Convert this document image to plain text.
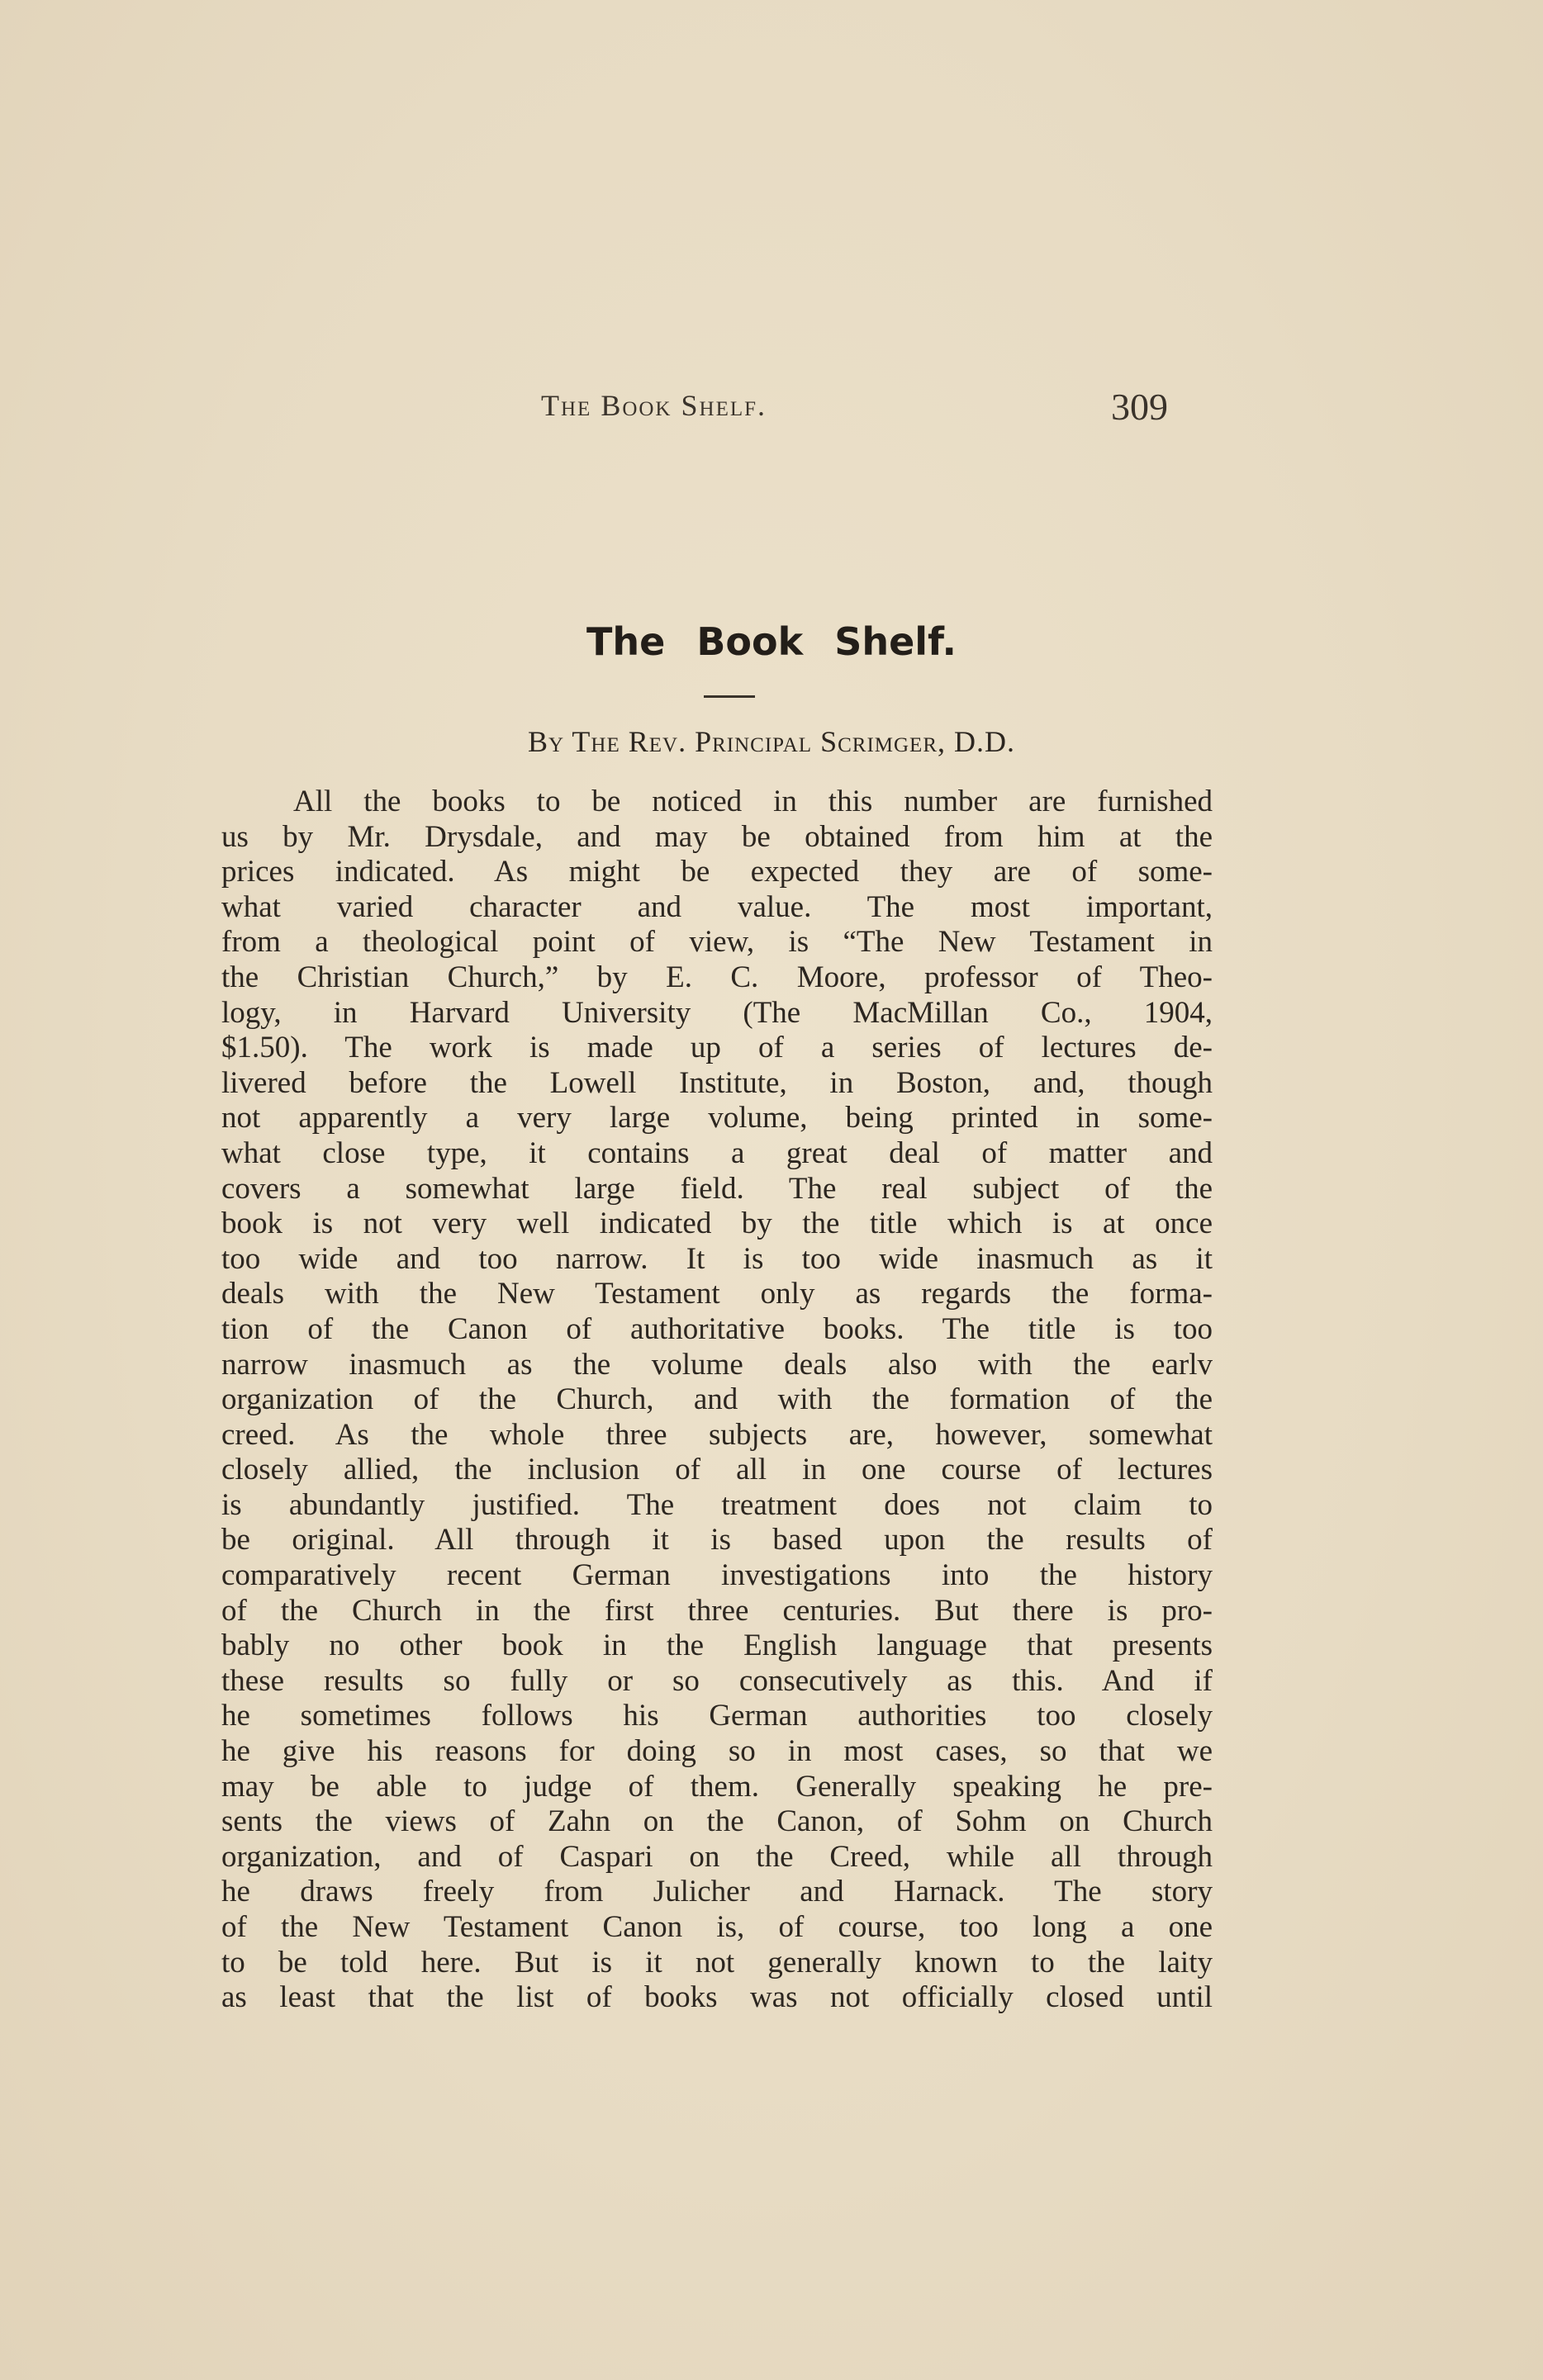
The Book Shelf.	309
The Book Shelf.
By The Rev. Principal Scrimger, D.D.
All the books to be noticed in this number are furnished
us by Mr. Drysdale, and may be obtained from him at the
prices indicated. As might be expected they are of some-
what varied character and value. The most important,
from a theological point of view, is “The New Testament in
the Christian Church,” by E. C. Moore, professor of Theo-
logy, in Harvard University (The MacMillan Co., 1904,
$1.50). The work is made up of a series of lectures de-
livered before the Lowell Institute, in Boston, and, though
not apparently a very large volume, being printed in some-
what close type, it contains a great deal of matter and
covers a somewhat large field. The real subject of the
book is not very well indicated by the title which is at once
too wide and too narrow. It is too wide inasmuch as it
deals with the New Testament only as regards the forma-
tion of the Canon of authoritative books. The title is too
narrow inasmuch as the volume deals also with the earlv
organization of the Church, and with the formation of the
creed. As the whole three subjects are, however, somewhat
closely allied, the inclusion of all in one course of lectures
is abundantly justified. The treatment does not claim to
be original. All through it is based upon the results of
comparatively recent German investigations into the history
of the Church in the first three centuries. But there is pro-
bably no other book in the English language that presents
these results so fully or so consecutively as this. And if
he sometimes follows his German authorities too closely
he give his reasons for doing so in most cases, so that we
may be able to judge of them. Generally speaking he pre-
sents the views of Zahn on the Canon, of Sohm on Church
organization, and of Caspari on the Creed, while all through
he draws freely from Julicher and Harnack. The story
of the New Testament Canon is, of course, too long a one
to be told here. But is it not generally known to the laity
as least that the list of books was not officially closed until
